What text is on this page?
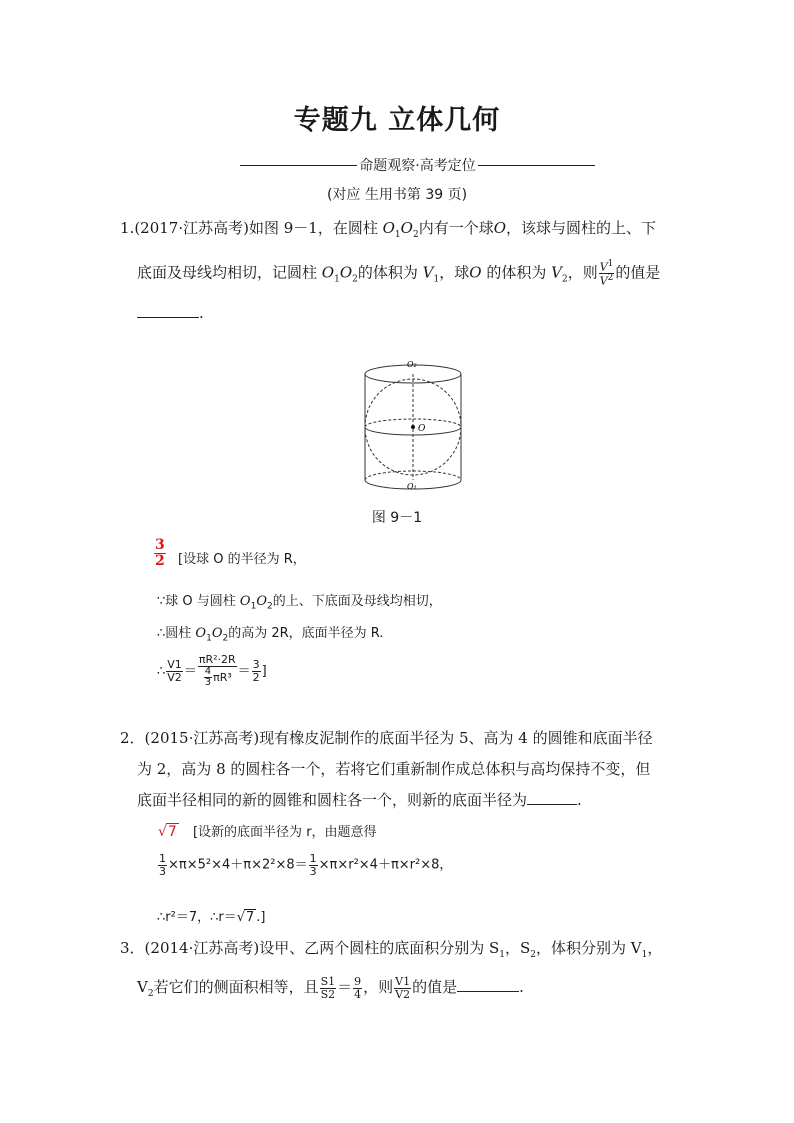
专题九 立体几何
命题观察·高考定位
(对应 生用书第 39 页)
1.(2017·江苏高考)如图 9－1，在圆柱 $O_1O_2$内有一个球O，该球与圆柱的上、下
底面及母线均相切，记圆柱 $O_1O_2$的体积为 $V_1$，球O 的体积为 $V_2$，则 $\frac{V^1}{V^2}$ 的值是
.
O₂
O
O₁
图 9－1
$\frac{3}{2}$ [设球 O 的半径为 R，
∵球 O 与圆柱 $O_1O_2$的上、下底面及母线均相切，
∴圆柱 $O_1O_2$的高为 2R，底面半径为 R.
∴ $\frac{V1}{V2} = \frac{\text{πR²·2R}}{\frac{4}{3} \pi R^3} = \frac{3}{2}$ ]
2．(2015·江苏高考)现有橡皮泥制作的底面半径为 5、高为 4 的圆锥和底面半径
为 2，高为 8 的圆柱各一个，若将它们重新制作成总体积与高均保持不变，但
底面半径相同的新的圆锥和圆柱各一个，则新的底面半径为	.
√7 [设新的底面半径为 r，由题意得
$\frac{1}{3} \times\pi\times 5^2\times 4+\pi\times 2^2\times 8= \frac{1}{3} \times\pi\times r^2\times 4+\pi\times r^2\times 8$，
∴r²＝7，∴r＝√7 .]
3．(2014·江苏高考)设甲、乙两个圆柱的底面积分别为 $S_1$，$S_2$，体积分别为 $V_1$，
$V_2$若它们的侧面积相等，且 $\frac{S1}{S2} = \frac{9}{4}$ ，则 $\frac{V1}{V2}$ 的值是	.
